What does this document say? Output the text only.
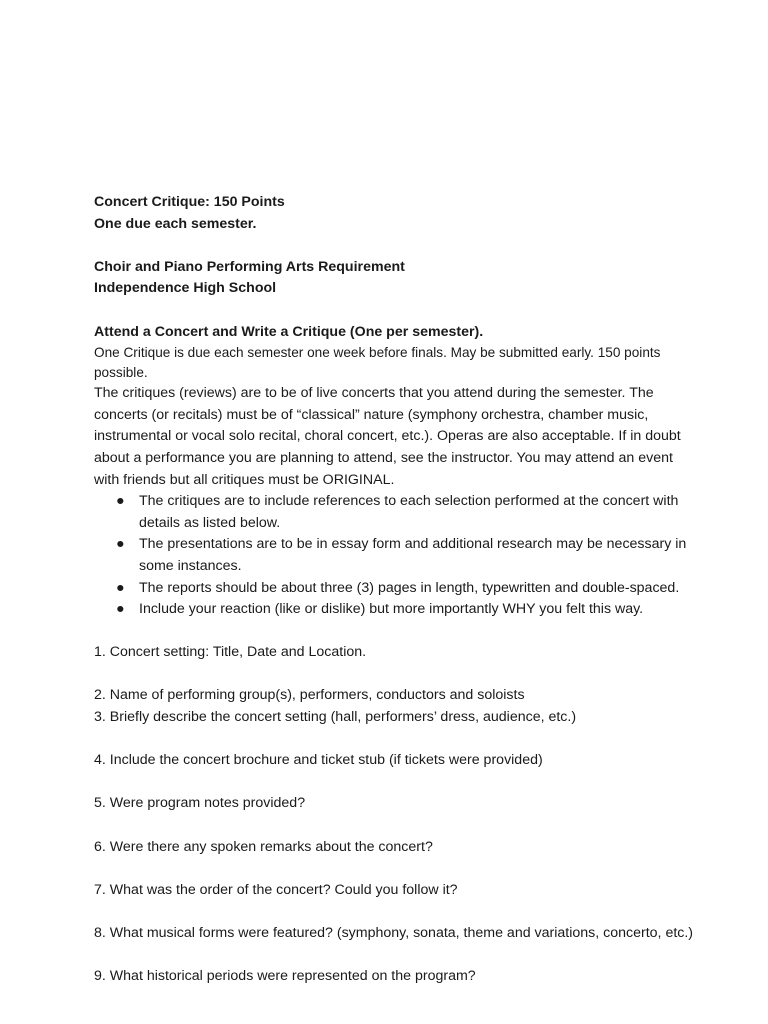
Concert Critique: 150 Points
One due each semester.
Choir and Piano Performing Arts Requirement
Independence High School
Attend a Concert and Write a Critique (One per semester).
One Critique is due each semester one week before finals. May be submitted early. 150 points possible.

The critiques (reviews) are to be of live concerts that you attend during the semester. The concerts (or recitals) must be of “classical” nature (symphony orchestra, chamber music, instrumental or vocal solo recital, choral concert, etc.). Operas are also acceptable. If in doubt about a performance you are planning to attend, see the instructor. You may attend an event with friends but all critiques must be ORIGINAL.

● The critiques are to include references to each selection performed at the concert with details as listed below.
● The presentations are to be in essay form and additional research may be necessary in some instances.
● The reports should be about three (3) pages in length, typewritten and double-spaced.
● Include your reaction (like or dislike) but more importantly WHY you felt this way.
1. Concert setting: Title, Date and Location.
2. Name of performing group(s), performers, conductors and soloists
3. Briefly describe the concert setting (hall, performers’ dress, audience, etc.)
4. Include the concert brochure and ticket stub (if tickets were provided)
5. Were program notes provided?
6. Were there any spoken remarks about the concert?
7. What was the order of the concert? Could you follow it?
8. What musical forms were featured? (symphony, sonata, theme and variations, concerto, etc.)
9. What historical periods were represented on the program?
